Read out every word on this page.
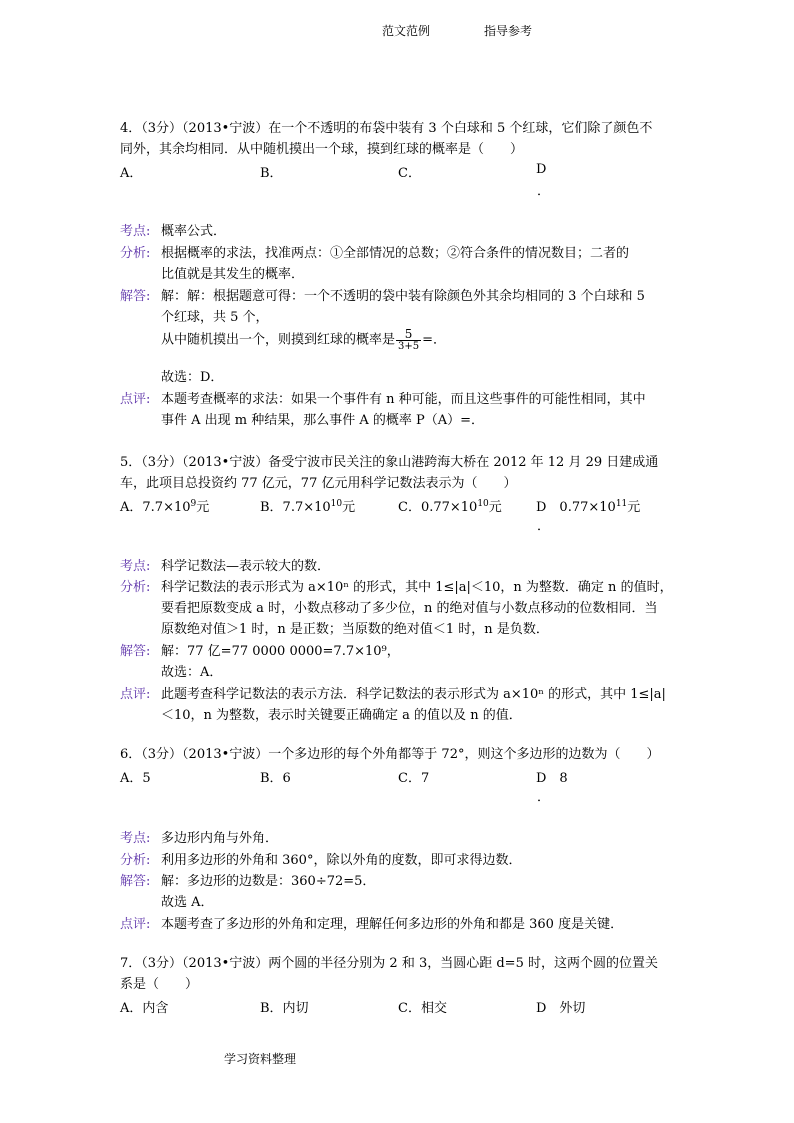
范文范例	指导参考
4．（3分）（2013•宁波）在一个不透明的布袋中装有 3 个白球和 5 个红球，它们除了颜色不
同外，其余均相同．从中随机摸出一个球，摸到红球的概率是（　　）
A．	B．	C．	D
．
考点: 概率公式．
分析: 根据概率的求法，找准两点：①全部情况的总数；②符合条件的情况数目；二者的
比值就是其发生的概率．
解答: 解：解：根据题意可得：一个不透明的袋中装有除颜色外其余均相同的 3 个白球和 5
个红球，共 5 个，
从中随机摸出一个，则摸到红球的概率是 $\frac{5}{3+5}$ =．
故选：D．
点评: 本题考查概率的求法：如果一个事件有 n 种可能，而且这些事件的可能性相同，其中
事件 A 出现 m 种结果，那么事件 A 的概率 P（A）=．
5．（3分）（2013•宁波）备受宁波市民关注的象山港跨海大桥在 2012 年 12 月 29 日建成通
车，此项目总投资约 77 亿元，77 亿元用科学记数法表示为（　　）
A．$7.7\times 10^9$元	B．$7.7\times 10^{10}$元	C．$0.77\times 10^{10}$元	D　$0.77\times 10^{11}$元
．
考点: 科学记数法—表示较大的数．
分析: 科学记数法的表示形式为 a×10ⁿ 的形式，其中 1≤|a|＜10，n 为整数．确定 n 的值时，
要看把原数变成 a 时，小数点移动了多少位，n 的绝对值与小数点移动的位数相同．当
原数绝对值＞1 时，n 是正数；当原数的绝对值＜1 时，n 是负数．
解答: 解：77 亿=77 0000 0000=7.7×10⁹，
故选：A．
点评: 此题考查科学记数法的表示方法．科学记数法的表示形式为 a×10ⁿ 的形式，其中 1≤|a|
＜10，n 为整数，表示时关键要正确确定 a 的值以及 n 的值．
6．（3分）（2013•宁波）一个多边形的每个外角都等于 72°，则这个多边形的边数为（　　）
A．5	B．6	C．7	D　8
．
考点: 多边形内角与外角．
分析: 利用多边形的外角和 360°，除以外角的度数，即可求得边数．
解答: 解：多边形的边数是：360÷72=5．
故选 A．
点评: 本题考查了多边形的外角和定理，理解任何多边形的外角和都是 360 度是关键．
7．（3分）（2013•宁波）两个圆的半径分别为 2 和 3，当圆心距 d=5 时，这两个圆的位置关
系是（　　）
A．内含	B．内切	C．相交	D　外切
学习资料整理
